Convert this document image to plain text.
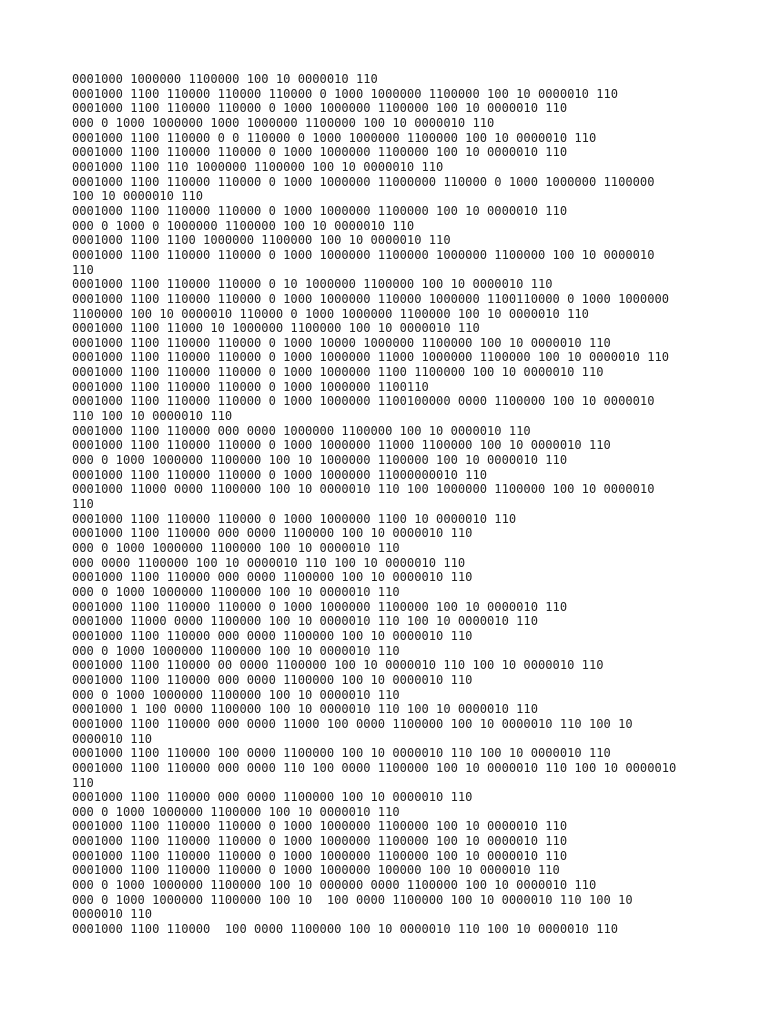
0001000 1000000 1100000 100 10 0000010 110
0001000 1100 110000 110000 110000 0 1000 1000000 1100000 100 10 0000010 110
0001000 1100 110000 110000 0 1000 1000000 1100000 100 10 0000010 110
000 0 1000 1000000 1000 1000000 1100000 100 10 0000010 110
0001000 1100 110000 0 0 110000 0 1000 1000000 1100000 100 10 0000010 110
0001000 1100 110000 110000 0 1000 1000000 1100000 100 10 0000010 110
0001000 1100 110 1000000 1100000 100 10 0000010 110
0001000 1100 110000 110000 0 1000 1000000 11000000 110000 0 1000 1000000 1100000
100 10 0000010 110
0001000 1100 110000 110000 0 1000 1000000 1100000 100 10 0000010 110
000 0 1000 0 1000000 1100000 100 10 0000010 110
0001000 1100 1100 1000000 1100000 100 10 0000010 110
0001000 1100 110000 110000 0 1000 1000000 1100000 1000000 1100000 100 10 0000010
110
0001000 1100 110000 110000 0 10 1000000 1100000 100 10 0000010 110
0001000 1100 110000 110000 0 1000 1000000 110000 1000000 1100110000 0 1000 1000000
1100000 100 10 0000010 110000 0 1000 1000000 1100000 100 10 0000010 110
0001000 1100 11000 10 1000000 1100000 100 10 0000010 110
0001000 1100 110000 110000 0 1000 10000 1000000 1100000 100 10 0000010 110
0001000 1100 110000 110000 0 1000 1000000 11000 1000000 1100000 100 10 0000010 110
0001000 1100 110000 110000 0 1000 1000000 1100 1100000 100 10 0000010 110
0001000 1100 110000 110000 0 1000 1000000 1100110
0001000 1100 110000 110000 0 1000 1000000 1100100000 0000 1100000 100 10 0000010
110 100 10 0000010 110
0001000 1100 110000 000 0000 1000000 1100000 100 10 0000010 110
0001000 1100 110000 110000 0 1000 1000000 11000 1100000 100 10 0000010 110
000 0 1000 1000000 1100000 100 10 1000000 1100000 100 10 0000010 110
0001000 1100 110000 110000 0 1000 1000000 11000000010 110
0001000 11000 0000 1100000 100 10 0000010 110 100 1000000 1100000 100 10 0000010
110
0001000 1100 110000 110000 0 1000 1000000 1100 10 0000010 110
0001000 1100 110000 000 0000 1100000 100 10 0000010 110
000 0 1000 1000000 1100000 100 10 0000010 110
000 0000 1100000 100 10 0000010 110 100 10 0000010 110
0001000 1100 110000 000 0000 1100000 100 10 0000010 110
000 0 1000 1000000 1100000 100 10 0000010 110
0001000 1100 110000 110000 0 1000 1000000 1100000 100 10 0000010 110
0001000 11000 0000 1100000 100 10 0000010 110 100 10 0000010 110
0001000 1100 110000 000 0000 1100000 100 10 0000010 110
000 0 1000 1000000 1100000 100 10 0000010 110
0001000 1100 110000 00 0000 1100000 100 10 0000010 110 100 10 0000010 110
0001000 1100 110000 000 0000 1100000 100 10 0000010 110
000 0 1000 1000000 1100000 100 10 0000010 110
0001000 1 100 0000 1100000 100 10 0000010 110 100 10 0000010 110
0001000 1100 110000 000 0000 11000 100 0000 1100000 100 10 0000010 110 100 10
0000010 110
0001000 1100 110000 100 0000 1100000 100 10 0000010 110 100 10 0000010 110
0001000 1100 110000 000 0000 110 100 0000 1100000 100 10 0000010 110 100 10 0000010
110
0001000 1100 110000 000 0000 1100000 100 10 0000010 110
000 0 1000 1000000 1100000 100 10 0000010 110
0001000 1100 110000 110000 0 1000 1000000 1100000 100 10 0000010 110
0001000 1100 110000 110000 0 1000 1000000 1100000 100 10 0000010 110
0001000 1100 110000 110000 0 1000 1000000 1100000 100 10 0000010 110
0001000 1100 110000 110000 0 1000 1000000 100000 100 10 0000010 110
000 0 1000 1000000 1100000 100 10 000000 0000 1100000 100 10 0000010 110
000 0 1000 1000000 1100000 100 10  100 0000 1100000 100 10 0000010 110 100 10
0000010 110
0001000 1100 110000  100 0000 1100000 100 10 0000010 110 100 10 0000010 110
